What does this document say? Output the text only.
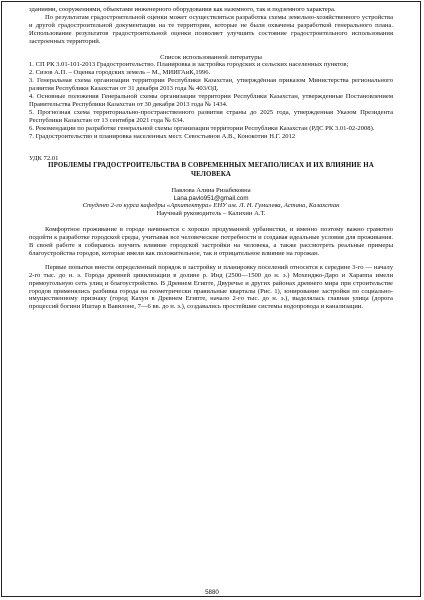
зданиями, сооружениями, объектами инженерного оборудования как наземного, так и подземного характера.

По результатам градостроительной оценки может осуществляться разработка схемы земельно-хозяйственного устройства и другой градостроительной документации на те территории, которые не были охвачены разработкой генерального плана. Использование результатов градостроительной оценки позволяет улучшить состояние градостроительного использования застроенных территорий.

Список использованной литературы

1. СП РК 3.01-101-2013 Градостроительство. Планировка и застройка городских и сельских населенных пунктов;

2. Сизов А.П. – Оценка городских земель – М., МИИГАиК,1996.

3. Генеральная схема организации территории Республики Казахстан, утверждённая приказом Министерства регионального развития Республики Казахстан от 31 декабря 2013 года № 403/ОД.

4. Основные положения Генеральной схемы организации территории Республики Казахстан, утвержденные Постановлением Правительства Республики Казахстан от 30 декабря 2013 года № 1434.

5. Прогнозная схема территориально-пространственного развития страны до 2025 года, утвержденная Указом Президента Республики Казахстан от 13 сентября 2021 года № 634.

6. Рекомендации по разработке генеральной схемы организации территории Республики Казахстан (РДС РК 3.01-02-2008).

7. Градостроительство и планировка населенных мест. Севостьянов А.В., Конокотин Н.Г. 2012

УДК 72.01

ПРОБЛЕМЫ ГРАДОСТРОИТЕЛЬСТВА В СОВРЕМЕННЫХ МЕГАПОЛИСАХ И ИХ ВЛИЯНИЕ НА ЧЕЛОВЕКА

Павлова Алина Ризабековна

Lana.pavlo951@gmail.com

Студент 2-го курса кафедры «Архитектура» ЕНУ им. Л. Н. Гумилева, Астана, Казахстан

Научный руководитель – Калихин А.Т.

Комфортное проживание в городе начинается с хорошо продуманной урбанистки, и именно поэтому важно грамотно подойти к разработке городской среды, учитывая все человеческие потребности и создавая идеальные условия для проживания. В своей работе я собираюсь изучить влияние городской застройки на человека, а также рассмотреть реальные примеры благоустройства городов, которые имели как положительное, так и отрицательное влияние на горожан.

Первые попытки внести определенный порядок в застройку и планировку поселений относятся к середине 3-го — началу 2-го тыс. до н. э. Города древней цивилизации в долине р. Инд (2500—1500 до н. э.) Мохенджо-Даро и Хараппа имели прямоугольную сеть улиц и благоустройство. В Древнем Египте, Двуречье и других районах древнего мира при строительстве городов применялись разбивка города на геометрически правильные кварталы (Рис. 1), зонирование застройки по социально-имущественному признаку (город Кахун в Древнем Египте, начало 2-го тыс. до н. э.), выделялась главная улица (дорога процессий богини Иштар в Вавилоне, 7—6 вв. до н. э.), создавались простейшие системы водопровода и канализации.

5880
